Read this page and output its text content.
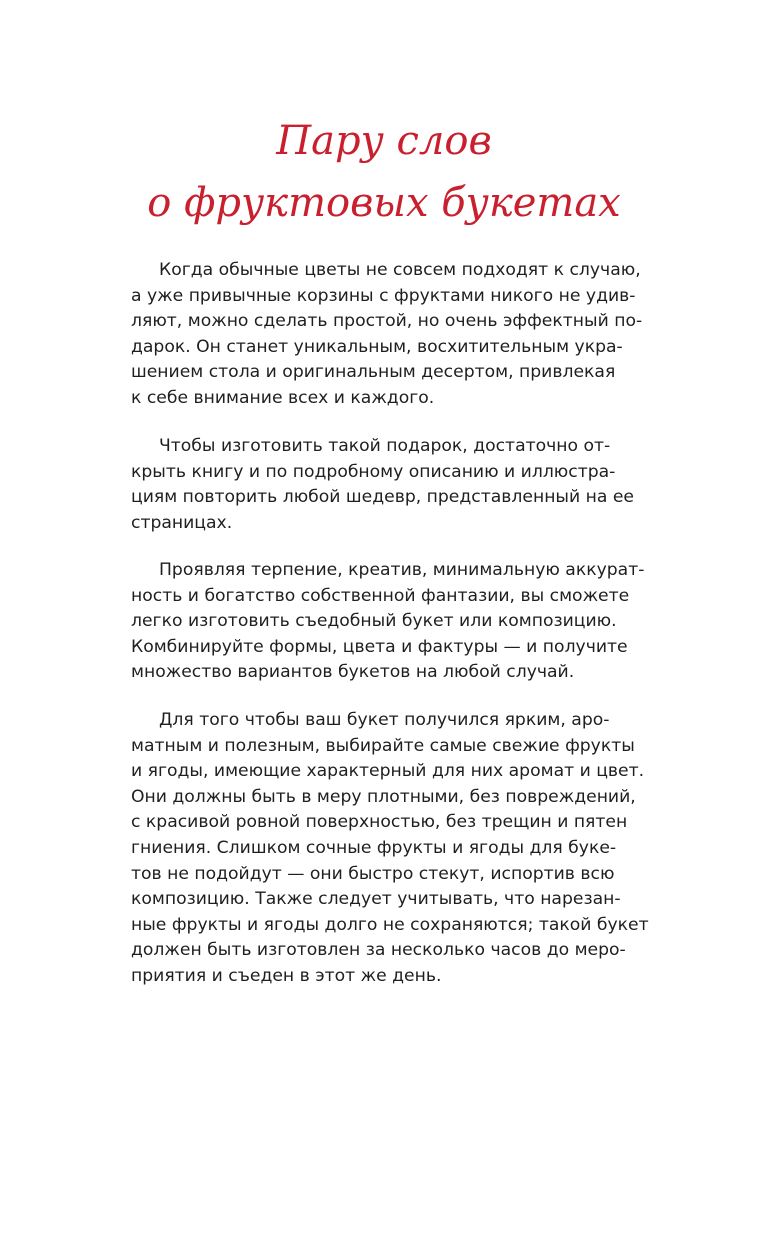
Пару слов
о фруктовых букетах
Когда обычные цветы не совсем подходят к случаю,
а уже привычные корзины с фруктами никого не удив-
ляют, можно сделать простой, но очень эффектный по-
дарок. Он станет уникальным, восхитительным укра-
шением стола и оригинальным десертом, привлекая
к себе внимание всех и каждого.
Чтобы изготовить такой подарок, достаточно от-
крыть книгу и по подробному описанию и иллюстра-
циям повторить любой шедевр, представленный на ее
страницах.
Проявляя терпение, креатив, минимальную аккурат-
ность и богатство собственной фантазии, вы сможете
легко изготовить съедобный букет или композицию.
Комбинируйте формы, цвета и фактуры — и получите
множество вариантов букетов на любой случай.
Для того чтобы ваш букет получился ярким, аро-
матным и полезным, выбирайте самые свежие фрукты
и ягоды, имеющие характерный для них аромат и цвет.
Они должны быть в меру плотными, без повреждений,
с красивой ровной поверхностью, без трещин и пятен
гниения. Слишком сочные фрукты и ягоды для буке-
тов не подойдут — они быстро стекут, испортив всю
композицию. Также следует учитывать, что нарезан-
ные фрукты и ягоды долго не сохраняются; такой букет
должен быть изготовлен за несколько часов до меро-
приятия и съеден в этот же день.
